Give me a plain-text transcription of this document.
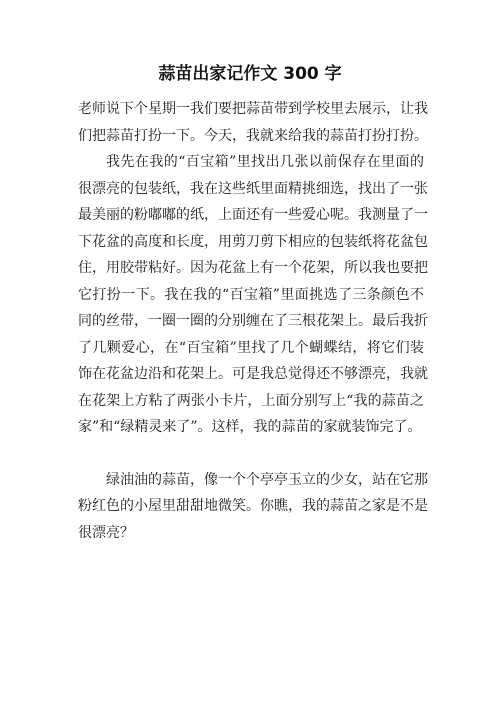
蒜苗出家记作文 300 字

老师说下个星期一我们要把蒜苗带到学校里去展示，让我
们把蒜苗打扮一下。今天，我就来给我的蒜苗打扮打扮。

我先在我的“百宝箱”里找出几张以前保存在里面的
很漂亮的包装纸，我在这些纸里面精挑细选，找出了一张
最美丽的粉嘟嘟的纸，上面还有一些爱心呢。我测量了一
下花盆的高度和长度，用剪刀剪下相应的包装纸将花盆包
住，用胶带粘好。因为花盆上有一个花架，所以我也要把
它打扮一下。我在我的“百宝箱”里面挑选了三条颜色不
同的丝带，一圈一圈的分别缠在了三根花架上。最后我折
了几颗爱心，在“百宝箱”里找了几个蝴蝶结，将它们装
饰在花盆边沿和花架上。可是我总觉得还不够漂亮，我就
在花架上方粘了两张小卡片，上面分别写上“我的蒜苗之
家”和“绿精灵来了”。这样，我的蒜苗的家就装饰完了。

绿油油的蒜苗，像一个个亭亭玉立的少女，站在它那
粉红色的小屋里甜甜地微笑。你瞧，我的蒜苗之家是不是
很漂亮？
